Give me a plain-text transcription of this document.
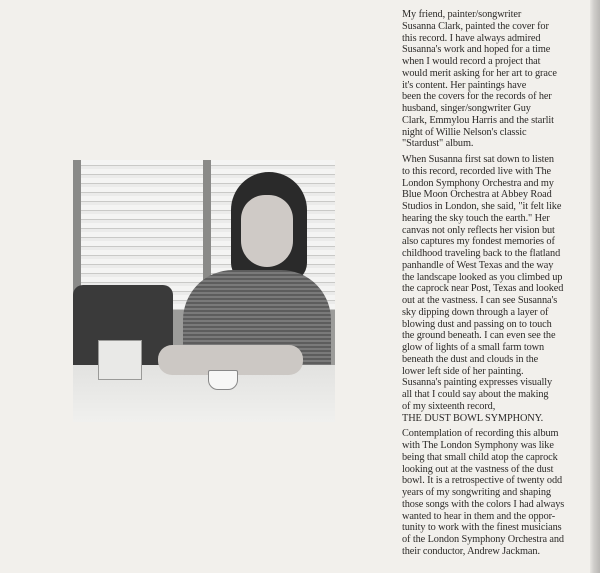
My friend, painter/songwriter
Susanna Clark, painted the cover for
this record. I have always admired
Susanna's work and hoped for a time
when I would record a project that
would merit asking for her art to grace
it's content. Her paintings have
been the covers for the records of her
husband, singer/songwriter Guy
Clark, Emmylou Harris and the starlit
night of Willie Nelson's classic
"Stardust" album.

When Susanna first sat down to listen
to this record, recorded live with The
London Symphony Orchestra and my
Blue Moon Orchestra at Abbey Road
Studios in London, she said, "it felt like
hearing the sky touch the earth." Her
canvas not only reflects her vision but
also captures my fondest memories of
childhood traveling back to the flatland
panhandle of West Texas and the way
the landscape looked as you climbed up
the caprock near Post, Texas and looked
out at the vastness. I can see Susanna's
sky dipping down through a layer of
blowing dust and passing on to touch
the ground beneath. I can even see the
glow of lights of a small farm town
beneath the dust and clouds in the
lower left side of her painting.
Susanna's painting expresses visually
all that I could say about the making
of my sixteenth record,
THE DUST BOWL SYMPHONY.

Contemplation of recording this album
with The London Symphony was like
being that small child atop the caprock
looking out at the vastness of the dust
bowl. It is a retrospective of twenty odd
years of my songwriting and shaping
those songs with the colors I had always
wanted to hear in them and the oppor-
tunity to work with the finest musicians
of the London Symphony Orchestra and
their conductor, Andrew Jackman.
